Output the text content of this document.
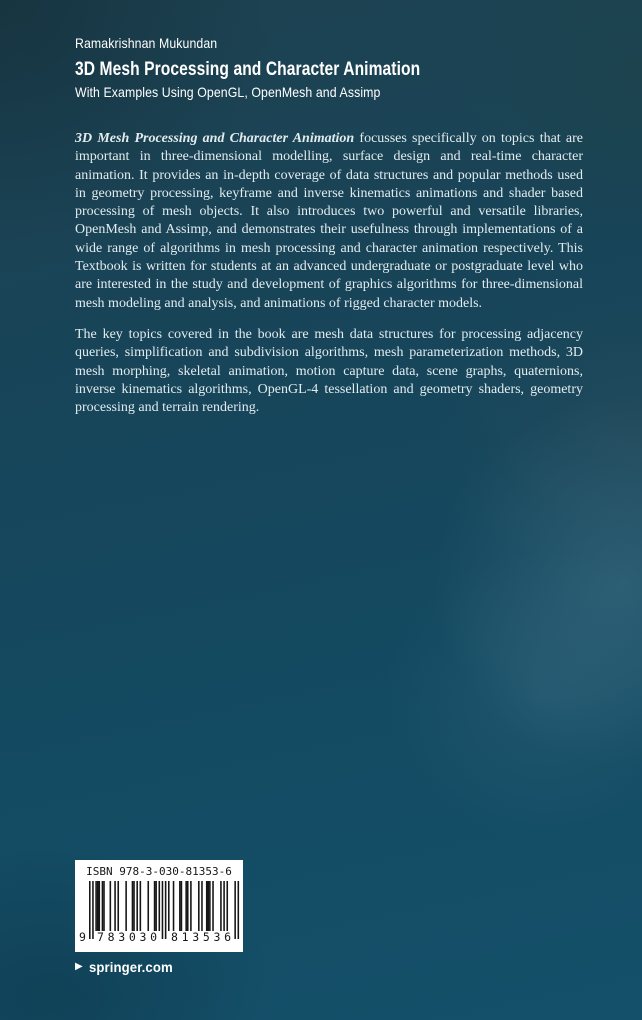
Ramakrishnan Mukundan
3D Mesh Processing and Character Animation
With Examples Using OpenGL, OpenMesh and Assimp

3D Mesh Processing and Character Animation focusses specifically on topics that are important in three-dimensional modelling, surface design and real-time character animation. It provides an in-depth coverage of data structures and popular methods used in geometry processing, keyframe and inverse kinematics animations and shader based processing of mesh objects. It also introduces two powerful and versatile libraries, OpenMesh and Assimp, and demonstrates their usefulness through implementations of a wide range of algorithms in mesh processing and character animation respectively. This Textbook is written for students at an advanced undergraduate or postgraduate level who are interested in the study and development of graphics algorithms for three-dimensional mesh modeling and analysis, and animations of rigged character models.

The key topics covered in the book are mesh data structures for processing adjacency queries, simplification and subdivision algorithms, mesh parameterization methods, 3D mesh morphing, skeletal animation, motion capture data, scene graphs, quaternions, inverse kinematics algorithms, OpenGL-4 tessellation and geometry shaders, geometry processing and terrain rendering.

ISBN 978-3-030-81353-6
9 783030 813536
▶ springer.com
